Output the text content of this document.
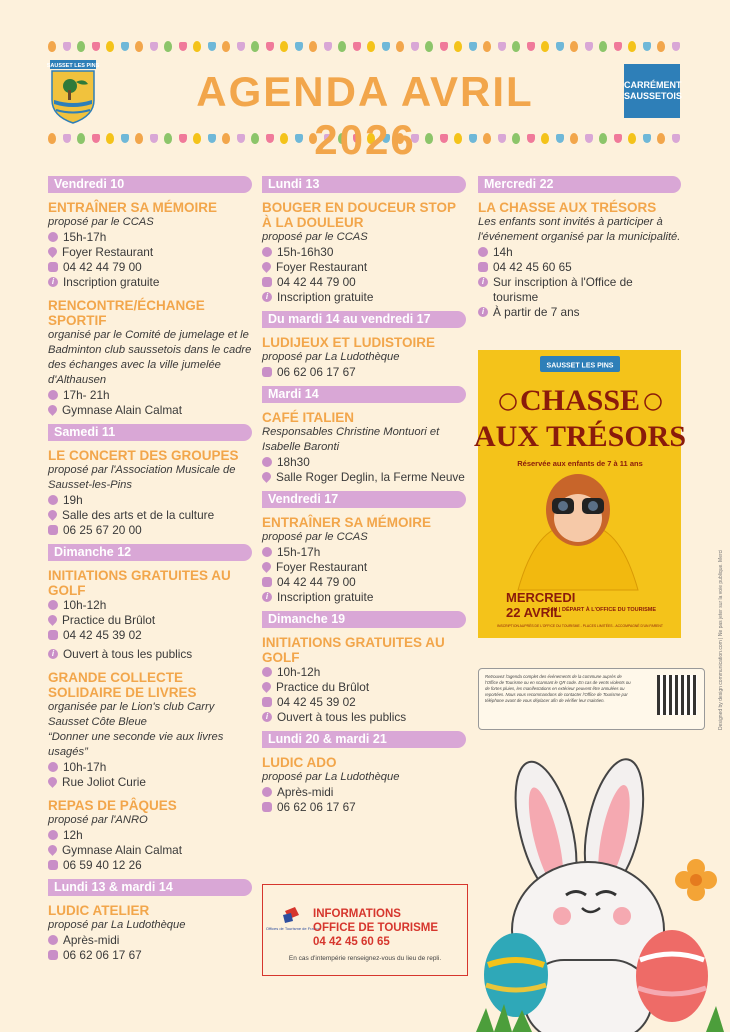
SAUSSET LES PINS
AGENDA AVRIL 2026
CARRÉMENT SAUSSETOIS
Vendredi 10
ENTRAÎNER SA MÉMOIRE
proposé par le CCAS
15h-17h
Foyer Restaurant
04 42 44 79 00
i Inscription gratuite
RENCONTRE/ÉCHANGE SPORTIF
organisé par le Comité de jumelage et le Badminton club saussetois dans le cadre des échanges avec la ville jumelée d'Althausen
17h- 21h
Gymnase Alain Calmat
Samedi 11
LE CONCERT DES GROUPES
proposé par l'Association Musicale de Sausset-les-Pins
19h
Salle des arts et de la culture
06 25 67 20 00
Dimanche 12
INITIATIONS GRATUITES AU GOLF
10h-12h
Practice du Brûlot
04 42 45 39 02
i Ouvert à tous les publics
GRANDE COLLECTE SOLIDAIRE DE LIVRES
organisée par le Lion's club Carry Sausset Côte Bleue
“Donner une seconde vie aux livres usagés”
10h-17h
Rue Joliot Curie
REPAS DE PÂQUES
proposé par l'ANRO
12h
Gymnase Alain Calmat
06 59 40 12 26
Lundi 13 & mardi 14
LUDIC ATELIER
proposé par La Ludothèque
Après-midi
06 62 06 17 67
Lundi 13
BOUGER EN DOUCEUR STOP À LA DOULEUR
proposé par le CCAS
15h-16h30
Foyer Restaurant
04 42 44 79 00
i Inscription gratuite
Du mardi 14 au vendredi 17
LUDIJEUX ET LUDISTOIRE
proposé par La Ludothèque
06 62 06 17 67
Mardi 14
CAFÉ ITALIEN
Responsables Christine Montuori et Isabelle Baronti
18h30
Salle Roger Deglin, la Ferme Neuve
Vendredi 17
ENTRAÎNER SA MÉMOIRE
proposé par le CCAS
15h-17h
Foyer Restaurant
04 42 44 79 00
i Inscription gratuite
Dimanche 19
INITIATIONS GRATUITES AU GOLF
10h-12h
Practice du Brûlot
04 42 45 39 02
i Ouvert à tous les publics
Lundi 20 & mardi 21
LUDIC ADO
proposé par La Ludothèque
Après-midi
06 62 06 17 67
Mercredi 22
LA CHASSE AUX TRÉSORS
Les enfants sont invités à participer à l'événement organisé par la municipalité.
14h
04 42 45 60 65
i Sur inscription à l'Office de tourisme
i À partir de 7 ans
SAUSSET LES PINS
CHASSE
AUX TRÉSORS
Réservée aux enfants de 7 à 11 ans
MERCREDI
22 AVRIL
14H | DÉPART À L'OFFICE DU TOURISME
INSCRIPTION AUPRÈS DE L'OFFICE DU TOURISME - PLACES LIMITÉES - ACCOMPAGNÉ D'UN PARENT
Retrouvez l'agenda complet des événements de la commune auprès de l'Office de Tourisme ou en scannant le QR code. En cas de vents violents ou de fortes pluies, les manifestations en extérieur peuvent être annulées ou reportées. Nous vous recommandons de contacter l'Office de Tourisme par téléphone avant de vous déplacer afin de vérifier leur maintien.	Designed by design communication.com | Ne pas jeter sur la voie publique. Merci
Offices de Tourisme de France
INFORMATIONS
OFFICE DE TOURISME
04 42 45 60 65
En cas d'intempérie renseignez-vous du lieu de repli.
